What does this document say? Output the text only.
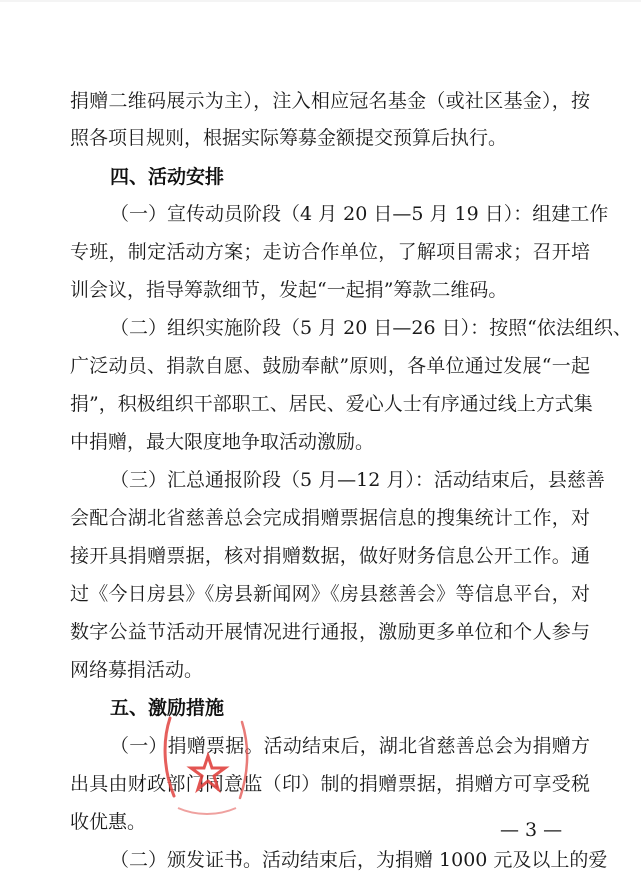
捐赠二维码展示为主），注入相应冠名基金（或社区基金），按
照各项目规则，根据实际筹募金额提交预算后执行。
四、活动安排
（一）宣传动员阶段（4 月 20 日—5 月 19 日）：组建工作
专班，制定活动方案；走访合作单位，了解项目需求；召开培
训会议，指导筹款细节，发起“一起捐”筹款二维码。
（二）组织实施阶段（5 月 20 日—26 日）：按照“依法组织、
广泛动员、捐款自愿、鼓励奉献”原则，各单位通过发展“一起
捐”，积极组织干部职工、居民、爱心人士有序通过线上方式集
中捐赠，最大限度地争取活动激励。
（三）汇总通报阶段（5 月—12 月）：活动结束后，县慈善
会配合湖北省慈善总会完成捐赠票据信息的搜集统计工作，对
接开具捐赠票据，核对捐赠数据，做好财务信息公开工作。通
过《今日房县》《房县新闻网》《房县慈善会》等信息平台，对
数字公益节活动开展情况进行通报，激励更多单位和个人参与
网络募捐活动。
五、激励措施
（一）捐赠票据。活动结束后，湖北省慈善总会为捐赠方
出具由财政部门同意监（印）制的捐赠票据，捐赠方可享受税
收优惠。
（二）颁发证书。活动结束后，为捐赠 1000 元及以上的爱
— 3 —
